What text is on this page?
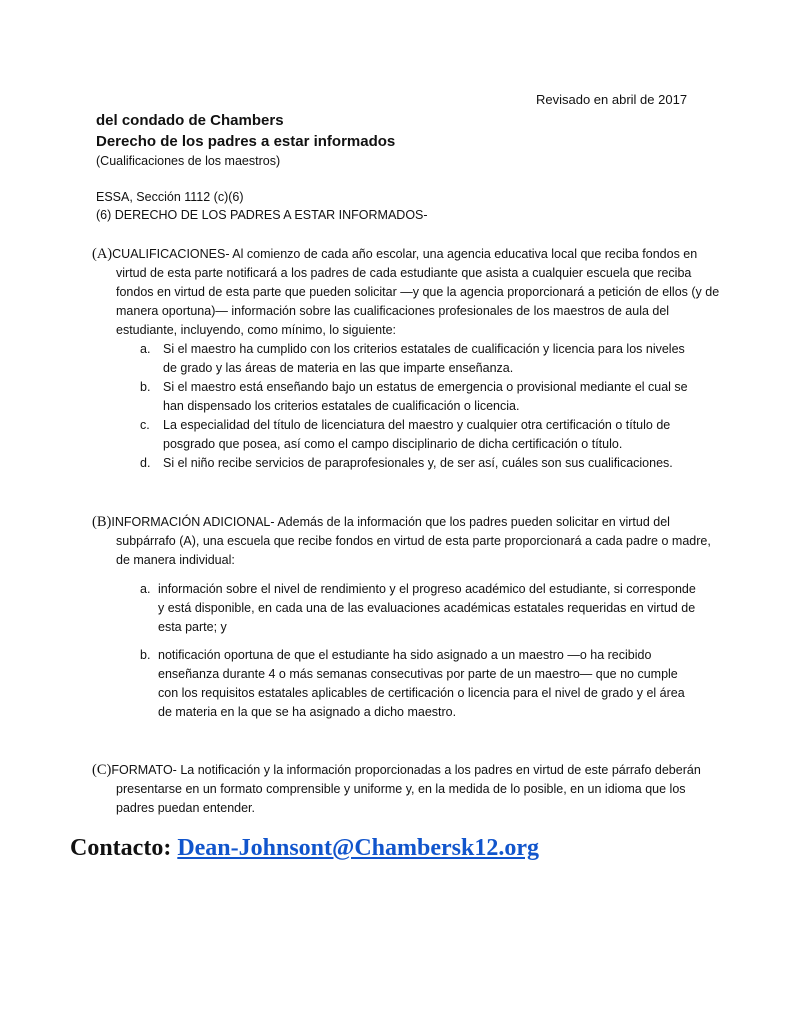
Revisado en abril de 2017
del condado de Chambers
Derecho de los padres a estar informados
(Cualificaciones de los maestros)
ESSA, Sección 1112 (c)(6)
(6) DERECHO DE LOS PADRES A ESTAR INFORMADOS-
(A)CUALIFICACIONES- Al comienzo de cada año escolar, una agencia educativa local que reciba fondos en virtud de esta parte notificará a los padres de cada estudiante que asista a cualquier escuela que reciba fondos en virtud de esta parte que pueden solicitar —y que la agencia proporcionará a petición de ellos (y de manera oportuna)— información sobre las cualificaciones profesionales de los maestros de aula del estudiante, incluyendo, como mínimo, lo siguiente:
a. Si el maestro ha cumplido con los criterios estatales de cualificación y licencia para los niveles de grado y las áreas de materia en las que imparte enseñanza.
b. Si el maestro está enseñando bajo un estatus de emergencia o provisional mediante el cual se han dispensado los criterios estatales de cualificación o licencia.
c. La especialidad del título de licenciatura del maestro y cualquier otra certificación o título de posgrado que posea, así como el campo disciplinario de dicha certificación o título.
d. Si el niño recibe servicios de paraprofesionales y, de ser así, cuáles son sus cualificaciones.
(B)INFORMACIÓN ADICIONAL- Además de la información que los padres pueden solicitar en virtud del subpárrafo (A), una escuela que recibe fondos en virtud de esta parte proporcionará a cada padre o madre, de manera individual:
a. información sobre el nivel de rendimiento y el progreso académico del estudiante, si corresponde y está disponible, en cada una de las evaluaciones académicas estatales requeridas en virtud de esta parte; y
b. notificación oportuna de que el estudiante ha sido asignado a un maestro —o ha recibido enseñanza durante 4 o más semanas consecutivas por parte de un maestro— que no cumple con los requisitos estatales aplicables de certificación o licencia para el nivel de grado y el área de materia en la que se ha asignado a dicho maestro.
(C)FORMATO- La notificación y la información proporcionadas a los padres en virtud de este párrafo deberán presentarse en un formato comprensible y uniforme y, en la medida de lo posible, en un idioma que los padres puedan entender.
Contacto: Dean-Johnsont@Chambersk12.org
